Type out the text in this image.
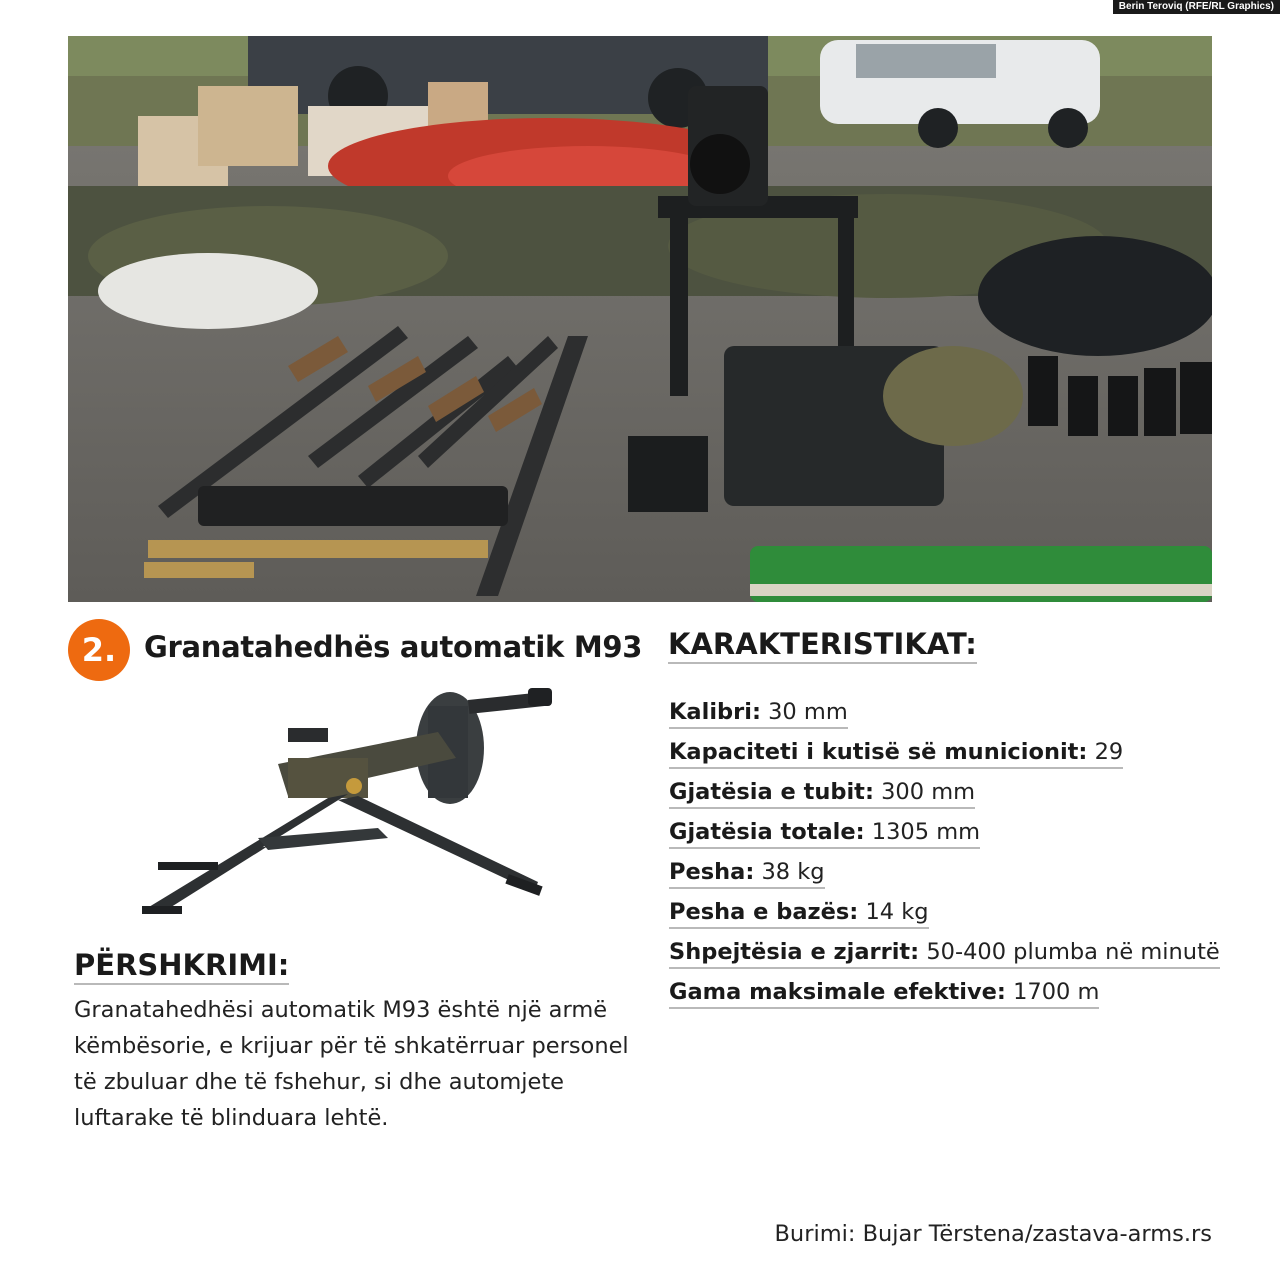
Berin Teroviq (RFE/RL Graphics)
2. Granatahedhës automatik M93
PËRSHKRIMI:
Granatahedhësi automatik M93 është një armë këmbësorie, e krijuar për të shkatërruar personel të zbuluar dhe të fshehur, si dhe automjete luftarake të blinduara lehtë.
KARAKTERISTIKAT:
Kalibri: 30 mm
Kapaciteti i kutisë së municionit: 29
Gjatësia e tubit: 300 mm
Gjatësia totale: 1305 mm
Pesha: 38 kg
Pesha e bazës: 14 kg
Shpejtësia e zjarrit: 50-400 plumba në minutë
Gama maksimale efektive: 1700 m
Burimi: Bujar Tërstena/zastava-arms.rs
